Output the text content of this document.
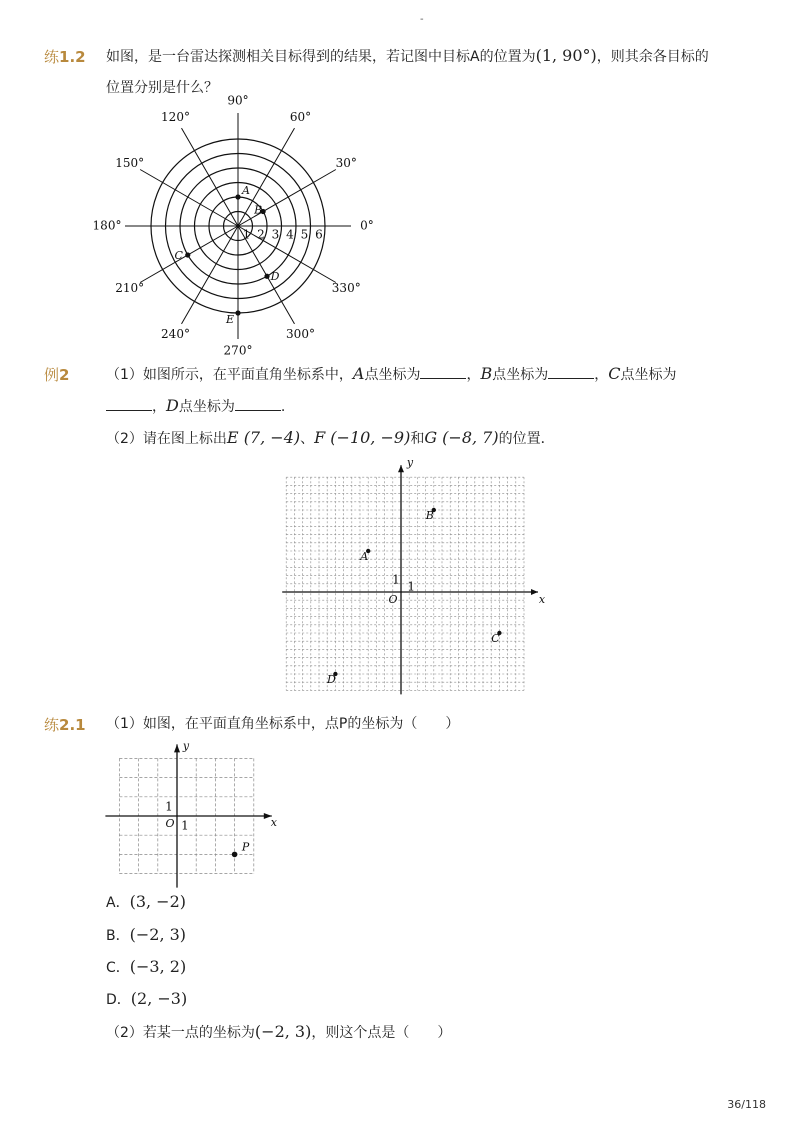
-
练1.2 如图，是一台雷达探测相关目标得到的结果，若记图中目标A的位置为(1, 90°)，则其余各目标的
位置分别是什么？
90°
60°
30°
0°
330°
300°
270°
240°
210°
180°
150°
120°
1 2 3 4 5 6
A
B
C
D
E
例2	（1）如图所示，在平面直角坐标系中，A点坐标为	，B点坐标为	，C点坐标为
，D点坐标为	.
（2）请在图上标出E (7, −4)、F (−10, −9)和G (−8, 7)的位置．
x
y
O
1 1
A
B
C
D
练2.1 （1）如图，在平面直角坐标系中，点P的坐标为（　　）
x
y
O
1
1
P
A．(3, −2)
B．(−2, 3)
C．(−3, 2)
D．(2, −3)
（2）若某一点的坐标为(−2, 3)，则这个点是（　　）
36/118
